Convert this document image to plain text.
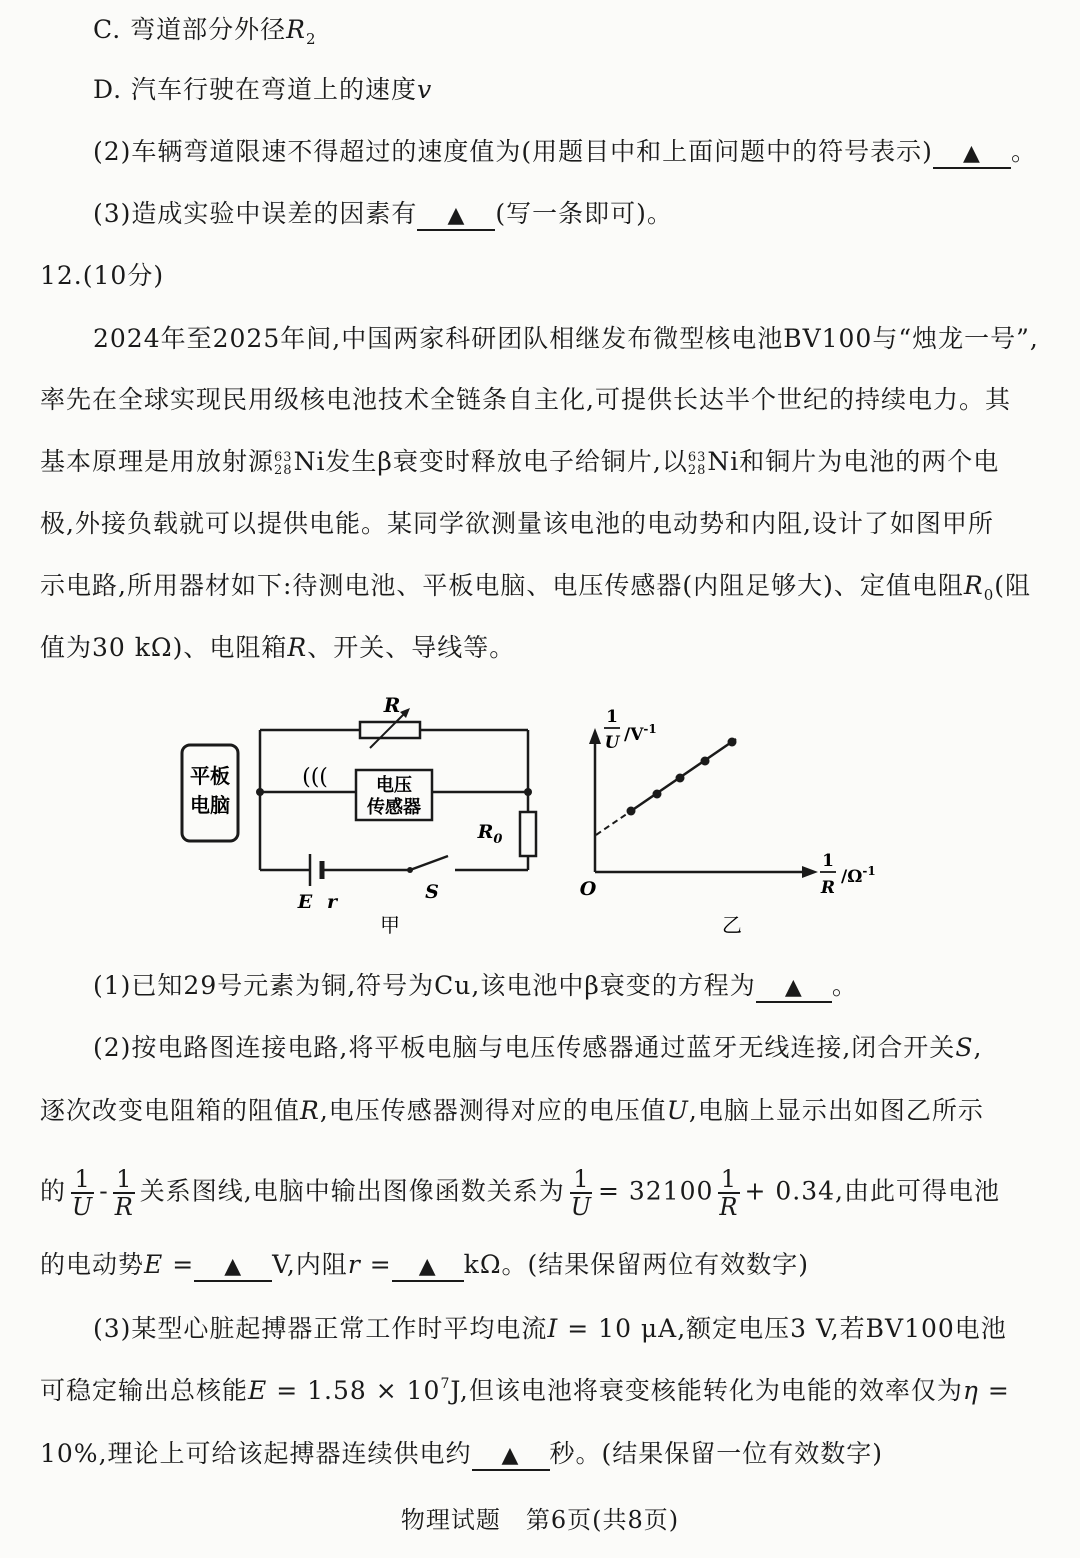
C. 弯道部分外径$R_2$
D. 汽车行驶在弯道上的速度v
(2)车辆弯道限速不得超过的速度值为(用题目中和上面问题中的符号表示) ▲ 。
(3)造成实验中误差的因素有 ▲ (写一条即可)。
12.(10分)
2024年至2025年间,中国两家科研团队相继发布微型核电池BV100与“烛龙一号”,
率先在全球实现民用级核电池技术全链条自主化,可提供长达半个世纪的持续电力。其
基本原理是用放射源 63
28 Ni发生β衰变时释放电子给铜片,以 63
28 Ni和铜片为电池的两个电
极,外接负载就可以提供电能。某同学欲测量该电池的电动势和内阻,设计了如图甲所
示电路,所用器材如下:待测电池、平板电脑、电压传感器(内阻足够大)、定值电阻$R_0$(阻
值为30 kΩ)、电阻箱R、开关、导线等。
平板
电脑
R
(((	电压
传感器
$R_0$
E r	S
甲
1
U $/V^{-1}$
1
R
$/\Omega^{-1}$
O
乙
(1)已知29号元素为铜,符号为Cu,该电池中β衰变的方程为 ▲ 。
(2)按电路图连接电路,将平板电脑与电压传感器通过蓝牙无线连接,闭合开关S,
逐次改变电阻箱的阻值R,电压传感器测得对应的电压值U,电脑上显示出如图乙所示
的 $\frac{1}{U} - \frac{1}{R}$ 关系图线,电脑中输出图像函数关系为 $\frac{1}{U} = 32100 \frac{1}{R} + 0.34$,由此可得电池
的电动势E = ▲ V,内阻r = ▲ kΩ。(结果保留两位有效数字)
(3)某型心脏起搏器正常工作时平均电流I = 10 μA,额定电压3 V,若BV100电池
可稳定输出总核能$E = 1.58 \times 10^7J$,但该电池将衰变核能转化为电能的效率仅为η =
10%,理论上可给该起搏器连续供电约 ▲ 秒。(结果保留一位有效数字)
物理试题　第6页(共8页)
